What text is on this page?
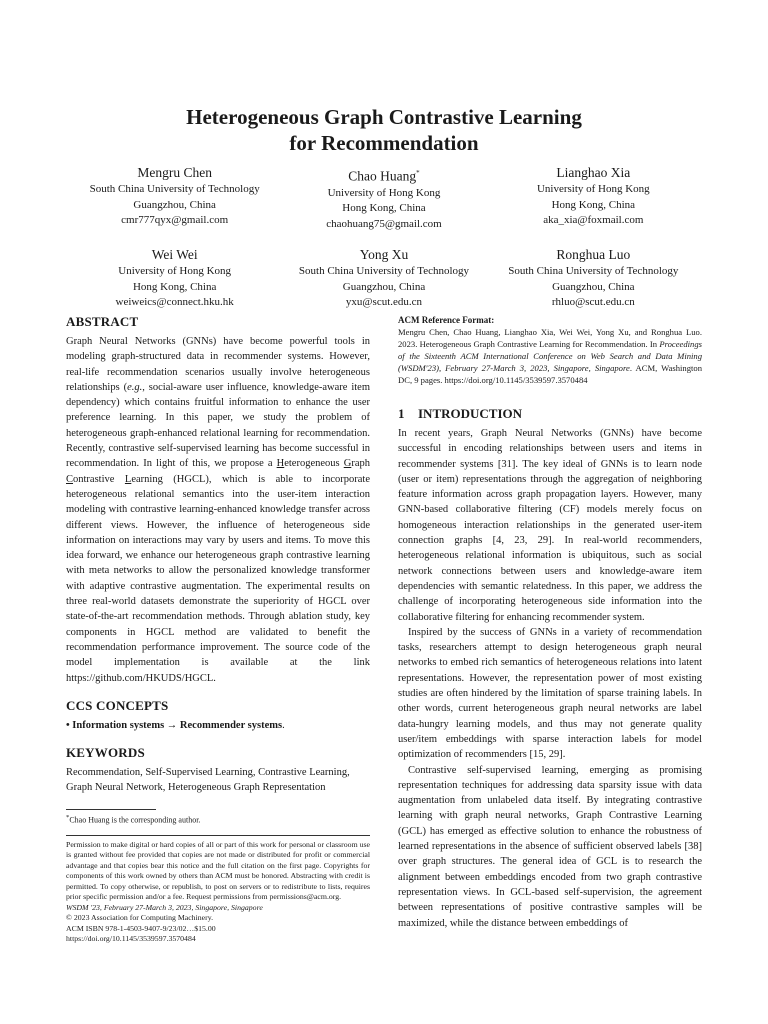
Heterogeneous Graph Contrastive Learning
for Recommendation
Mengru Chen
South China University of Technology
Guangzhou, China
cmr777qyx@gmail.com
Chao Huang*
University of Hong Kong
Hong Kong, China
chaohuang75@gmail.com
Lianghao Xia
University of Hong Kong
Hong Kong, China
aka_xia@foxmail.com
Wei Wei
University of Hong Kong
Hong Kong, China
weiweics@connect.hku.hk
Yong Xu
South China University of Technology
Guangzhou, China
yxu@scut.edu.cn
Ronghua Luo
South China University of Technology
Guangzhou, China
rhluo@scut.edu.cn
ABSTRACT

Graph Neural Networks (GNNs) have become powerful tools in modeling graph-structured data in recommender systems. However, real-life recommendation scenarios usually involve heterogeneous relationships (e.g., social-aware user influence, knowledge-aware item dependency) which contains fruitful information to enhance the user preference learning. In this paper, we study the problem of heterogeneous graph-enhanced relational learning for recommendation. Recently, contrastive self-supervised learning has become successful in recommendation. In light of this, we propose a Heterogeneous Graph Contrastive Learning (HGCL), which is able to incorporate heterogeneous relational semantics into the user-item interaction modeling with contrastive learning-enhanced knowledge transfer across different views. However, the influence of heterogeneous side information on interactions may vary by users and items. To move this idea forward, we enhance our heterogeneous graph contrastive learning with meta networks to allow the personalized knowledge transformer with adaptive contrastive augmentation. The experimental results on three real-world datasets demonstrate the superiority of HGCL over state-of-the-art recommendation methods. Through ablation study, key components in HGCL method are validated to benefit the recommendation performance improvement. The source code of the model implementation is available at the link https://github.com/HKUDS/HGCL.

CCS CONCEPTS

• Information systems → Recommender systems.

KEYWORDS

Recommendation, Self-Supervised Learning, Contrastive Learning, Graph Neural Network, Heterogeneous Graph Representation

*Chao Huang is the corresponding author.

Permission to make digital or hard copies of all or part of this work for personal or classroom use is granted without fee provided that copies are not made or distributed for profit or commercial advantage and that copies bear this notice and the full citation on the first page. Copyrights for components of this work owned by others than ACM must be honored. Abstracting with credit is permitted. To copy otherwise, or republish, to post on servers or to redistribute to lists, requires prior specific permission and/or a fee. Request permissions from permissions@acm.org.

WSDM '23, February 27-March 3, 2023, Singapore, Singapore

© 2023 Association for Computing Machinery.

ACM ISBN 978-1-4503-9407-9/23/02…$15.00

https://doi.org/10.1145/3539597.3570484

ACM Reference Format:

Mengru Chen, Chao Huang, Lianghao Xia, Wei Wei, Yong Xu, and Ronghua Luo. 2023. Heterogeneous Graph Contrastive Learning for Recommendation. In Proceedings of the Sixteenth ACM International Conference on Web Search and Data Mining (WSDM'23), February 27-March 3, 2023, Singapore, Singapore. ACM, Washington DC, 9 pages. https://doi.org/10.1145/3539597.3570484

1 INTRODUCTION

In recent years, Graph Neural Networks (GNNs) have become successful in encoding relationships between users and items in recommender systems [31]. The key ideal of GNNs is to learn node (user or item) representations through the aggregation of neighboring feature information across graph propagation layers. However, many GNN-based collaborative filtering (CF) models merely focus on homogeneous interaction relationships in the generated user-item connection graphs [4, 23, 29]. In real-world recommenders, heterogeneous relational information is ubiquitous, such as social network connections between users and knowledge-aware item dependencies with semantic relatedness. In this paper, we address the challenge of incorporating heterogeneous side information into the collaborative filtering for enhancing recommender system.

Inspired by the success of GNNs in a variety of recommendation tasks, researchers attempt to design heterogeneous graph neural networks to embed rich semantics of heterogeneous relations into latent representations. However, the representation power of most existing studies are often hindered by the limitation of sparse training labels. In other words, current heterogeneous graph neural networks are label data-hungry learning models, and thus may not generate quality user/item embeddings with sparse interaction labels for model optimization of recommenders [15, 29].

Contrastive self-supervised learning, emerging as promising representation techniques for addressing data sparsity issue with data augmentation from unlabeled data itself. By integrating contrastive learning with graph neural networks, Graph Contrastive Learning (GCL) has emerged as effective solution to enhance the robustness of learned representations in the absence of sufficient observed labels [38] over graph structures. The general idea of GCL is to research the alignment between embeddings encoded from two graph contrastive representation views. In GCL-based self-supervision, the agreement between representations of positive contrastive samples will be maximized, while the distance between embeddings of
